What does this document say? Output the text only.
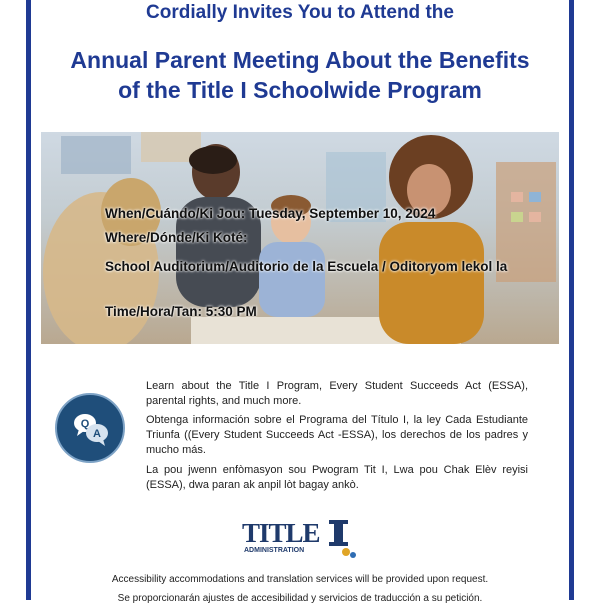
Cordially Invites You to Attend the
Annual Parent Meeting About the Benefits
of the Title I Schoolwide Program
When/Cuándo/Ki Jou: Tuesday, September 10, 2024
Where/Dónde/Ki Koté:
School Auditorium/Auditorio de la Escuela / Oditoryom lekol la
Time/Hora/Tan: 5:30 PM
Q
A
Learn about the Title I Program, Every Student Succeeds Act (ESSA), parental rights, and much more.
Obtenga información sobre el Programa del Título I, la ley Cada Estudiante Triunfa ((Every Student Succeeds Act -ESSA), los derechos de los padres y mucho más.
La pou jwenn enfòmasyon sou Pwogram Tit I, Lwa pou Chak Elèv reyisi (ESSA), dwa paran ak anpil lòt bagay ankò.
TITLE
ADMINISTRATION
Accessibility accommodations and translation services will be provided upon request.
Se proporcionarán ajustes de accesibilidad y servicios de traducción a su petición.
